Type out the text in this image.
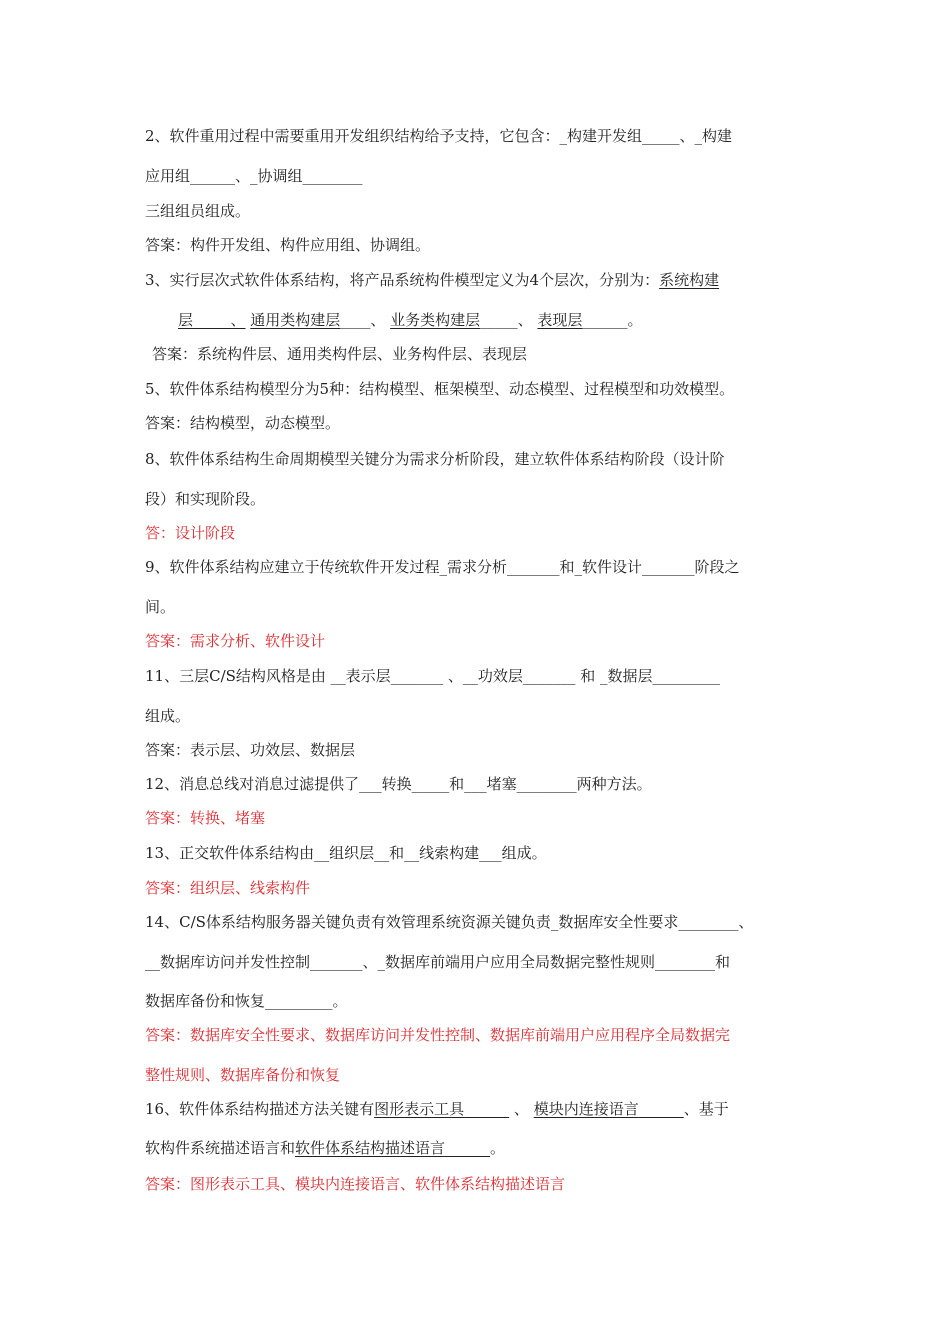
2、软件重用过程中需要重用开发组织结构给予支持，它包含：_构建开发组_____、_构建
应用组______、_协调组________
三组组员组成。
答案：构件开发组、构件应用组、协调组。
3、实行层次式软件体系结构，将产品系统构件模型定义为4个层次，分别为：系统构建
层_____、 通用类构建层____、 业务类构建层_____、 表现层______。
答案：系统构件层、通用类构件层、业务构件层、表现层
5、软件体系结构模型分为5种：结构模型、框架模型、动态模型、过程模型和功效模型。
答案：结构模型，动态模型。
8、软件体系结构生命周期模型关键分为需求分析阶段，建立软件体系结构阶段（设计阶
段）和实现阶段。
答：设计阶段
9、软件体系结构应建立于传统软件开发过程_需求分析_______和_软件设计_______阶段之
间。
答案：需求分析、软件设计
11、三层C/S结构风格是由 __表示层_______ 、__功效层_______ 和 _数据层_________
组成。
答案：表示层、功效层、数据层
12、消息总线对消息过滤提供了___转换_____和___堵塞________两种方法。
答案：转换、堵塞
13、正交软件体系结构由__组织层__和__线索构建___组成。
答案：组织层、线索构件
14、C/S体系结构服务器关键负责有效管理系统资源关键负责_数据库安全性要求________、
__数据库访问并发性控制_______、_数据库前端用户应用全局数据完整性规则________和
数据库备份和恢复_________。
答案：数据库安全性要求、数据库访问并发性控制、数据库前端用户应用程序全局数据完
整性规则、数据库备份和恢复
16、软件体系结构描述方法关键有图形表示工具　　　	、 模块内连接语言　　　	、基于
软构件系统描述语言和软件体系结构描述语言　　　	。
答案：图形表示工具、模块内连接语言、软件体系结构描述语言
